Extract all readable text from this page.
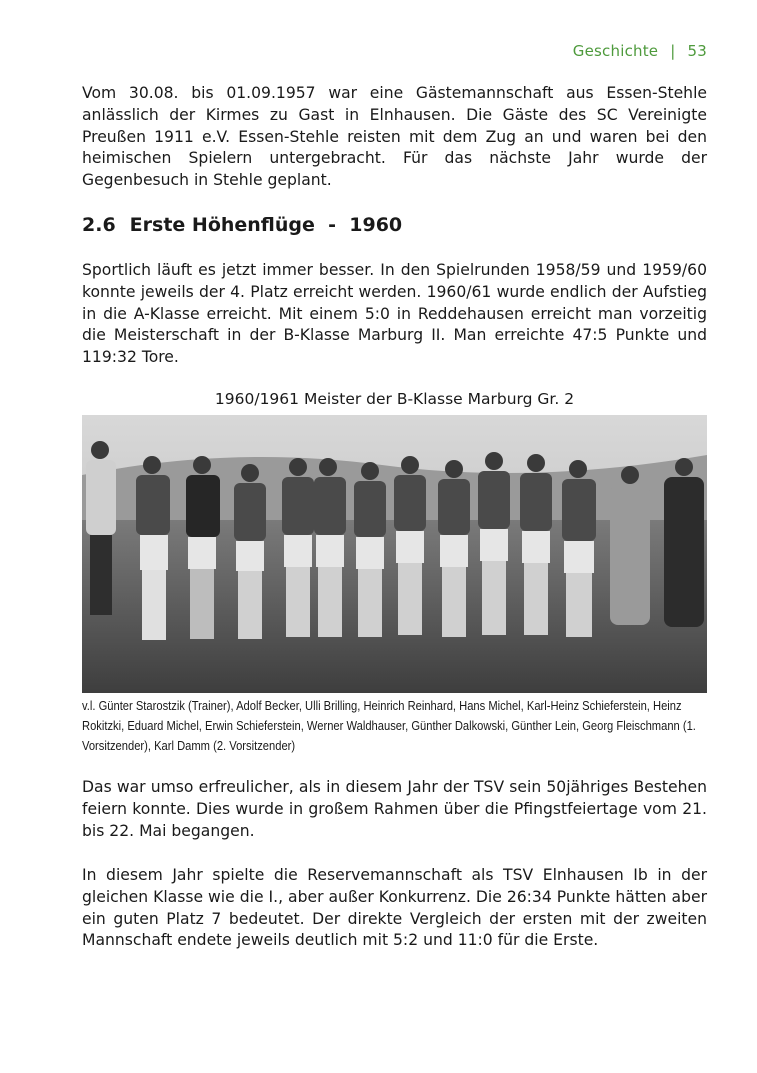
Geschichte | 53

Vom 30.08. bis 01.09.1957 war eine Gästemannschaft aus Essen-Stehle anlässlich der Kirmes zu Gast in Elnhausen. Die Gäste des SC Vereinigte Preußen 1911 e.V. Essen-Stehle reisten mit dem Zug an und waren bei den heimischen Spielern untergebracht. Für das nächste Jahr wurde der Gegenbesuch in Stehle geplant.

2.6 Erste Höhenflüge  -  1960

Sportlich läuft es jetzt immer besser. In den Spielrunden 1958/59 und 1959/60 konnte jeweils der 4. Platz erreicht werden. 1960/61 wurde endlich der Aufstieg in die A-Klasse erreicht. Mit einem 5:0 in Reddehausen erreicht man vorzeitig die Meisterschaft in der B-Klasse Marburg II. Man erreichte 47:5 Punkte und 119:32 Tore.

1960/1961 Meister der B-Klasse Marburg Gr. 2
v.l. Günter Starostzik (Trainer), Adolf Becker, Ulli Brilling, Heinrich Reinhard, Hans Michel, Karl-Heinz Schieferstein, Heinz Rokitzki, Eduard Michel, Erwin Schieferstein, Werner Waldhauser, Günther Dalkowski, Günther Lein, Georg Fleischmann (1. Vorsitzender), Karl Damm (2. Vorsitzender)

Das war umso erfreulicher, als in diesem Jahr der TSV sein 50jähriges Bestehen feiern konnte. Dies wurde in großem Rahmen über die Pfingstfeiertage vom 21. bis 22. Mai begangen.

In diesem Jahr spielte die Reservemannschaft als TSV Elnhausen Ib in der gleichen Klasse wie die I., aber außer Konkurrenz. Die 26:34 Punkte hätten aber ein guten Platz 7 bedeutet. Der direkte Vergleich der ersten mit der zweiten Mannschaft endete jeweils deutlich mit 5:2 und 11:0 für die Erste.
